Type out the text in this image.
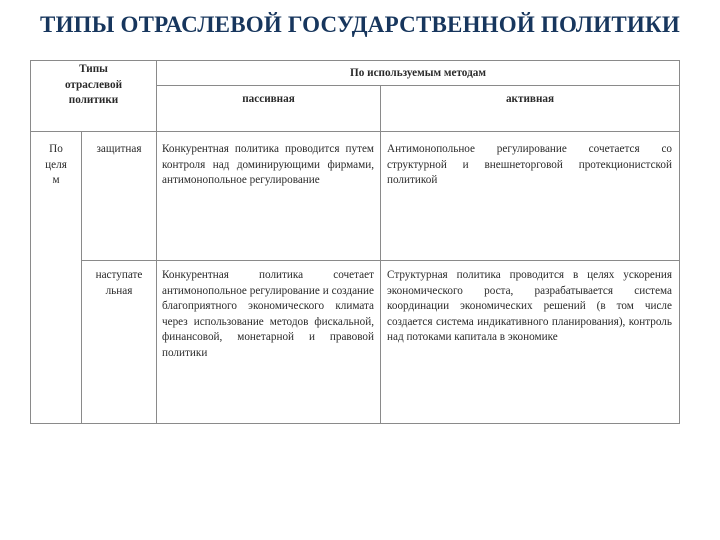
ТИПЫ ОТРАСЛЕВОЙ ГОСУДАРСТВЕННОЙ ПОЛИТИКИ
Типы
отраслевой
политики
По используемым методам
пассивная	активная
По
целя
м
защитная	Конкурентная политика проводится путем контроля над доминирующими фирмами, антимонопольное регулирование
Антимонопольное регулирование сочетается со структурной и внешнеторговой протекционистской политикой
наступате
льная
Конкурентная политика сочетает антимонопольное регулирование и создание благоприятного экономического климата через использование методов фискальной, финансовой, монетарной и правовой политики
Структурная политика проводится в целях ускорения экономического роста, разрабатывается система координации экономических решений (в том числе создается система индикативного планирования), контроль над потоками капитала в экономике
